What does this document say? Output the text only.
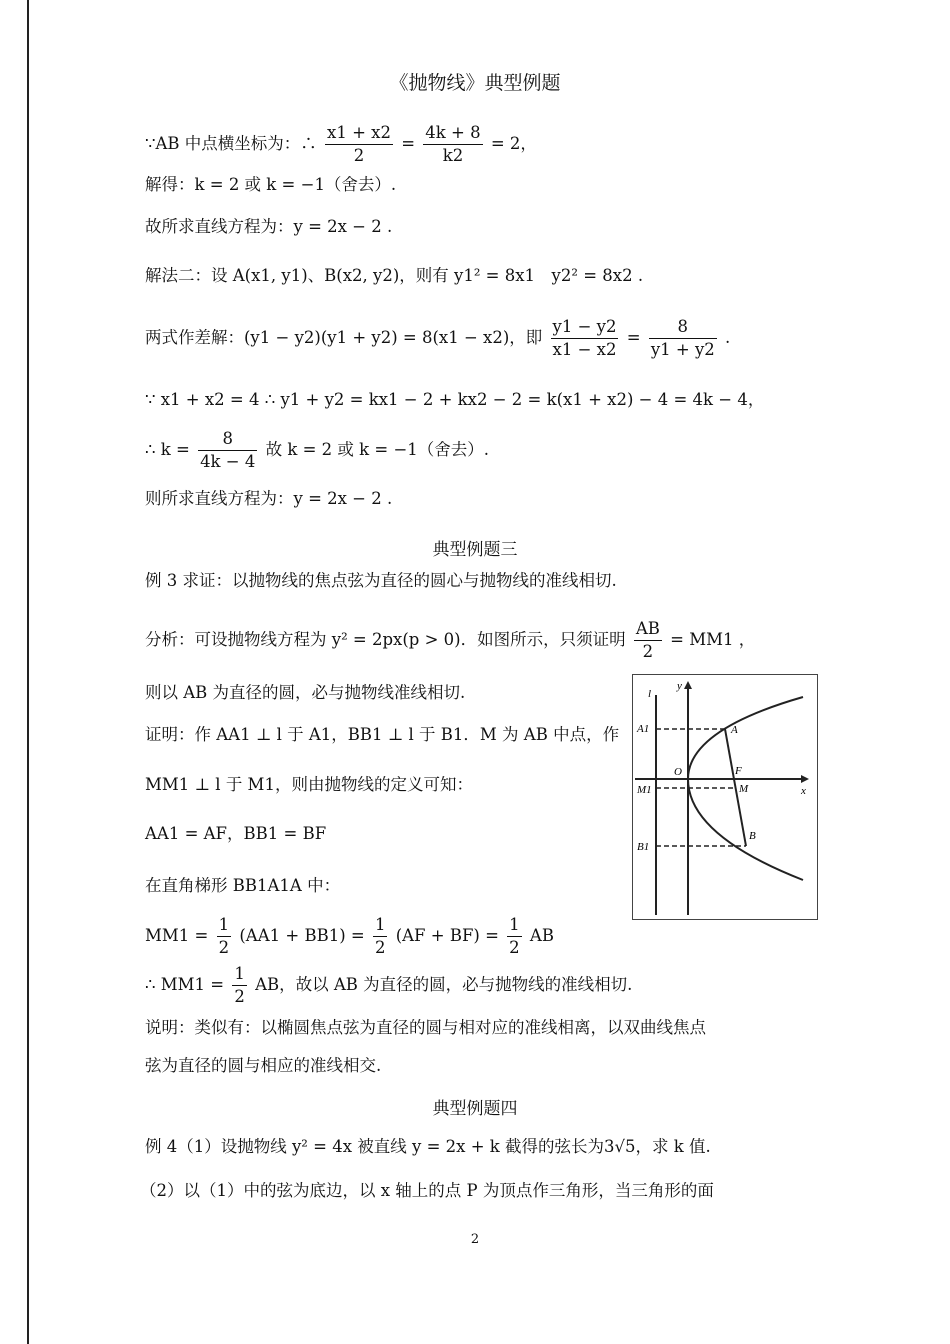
《抛物线》典型例题
∵AB 中点横坐标为：∴ $\frac{x1 + x2}{2} = \frac{4k + 8}{k2} = 2$，
解得：k = 2 或 k = −1（舍去）.
故所求直线方程为：y = 2x − 2 .
解法二：设 A(x1, y1)、B(x2, y2)，则有 y1² = 8x1　y2² = 8x2 .
两式作差解：(y1 − y2)(y1 + y2) = 8(x1 − x2)，即 $\frac{y1 - y2}{x1 - x2} = \frac{8}{y1 + y2}$ .
∵ x1 + x2 = 4 ∴ y1 + y2 = kx1 − 2 + kx2 − 2 = k(x1 + x2) − 4 = 4k − 4，
∴ $k = \frac{8}{4k - 4}$ 故 k = 2 或 k = −1（舍去）.
则所求直线方程为：y = 2x − 2 .
典型例题三
例 3 求证：以抛物线的焦点弦为直径的圆心与抛物线的准线相切.
分析：可设抛物线方程为 y² = 2px(p > 0)．如图所示，只须证明 $\frac{AB}{2} = MM1$ ，
则以 AB 为直径的圆，必与抛物线准线相切.
证明：作 AA1 ⊥ l 于 A1，BB1 ⊥ l 于 B1．M 为 AB 中点，作
MM1 ⊥ l 于 M1，则由抛物线的定义可知：
AA1 = AF，BB1 = BF
在直角梯形 BB1A1A 中：
$MM1 = \frac{1}{2} (AA1 + BB1) = \frac{1}{2} (AF + BF) = \frac{1}{2}$ AB
∴ $MM1 = \frac{1}{2}$ AB，故以 AB 为直径的圆，必与抛物线的准线相切.
说明：类似有：以椭圆焦点弦为直径的圆与相对应的准线相离，以双曲线焦点
弦为直径的圆与相应的准线相交.
l
y
A1	A
O	F
M1	M	x
B1
B
典型例题四
例 4（1）设抛物线 y² = 4x 被直线 y = 2x + k 截得的弦长为3√5，求 k 值.
（2）以（1）中的弦为底边，以 x 轴上的点 P 为顶点作三角形，当三角形的面
2
